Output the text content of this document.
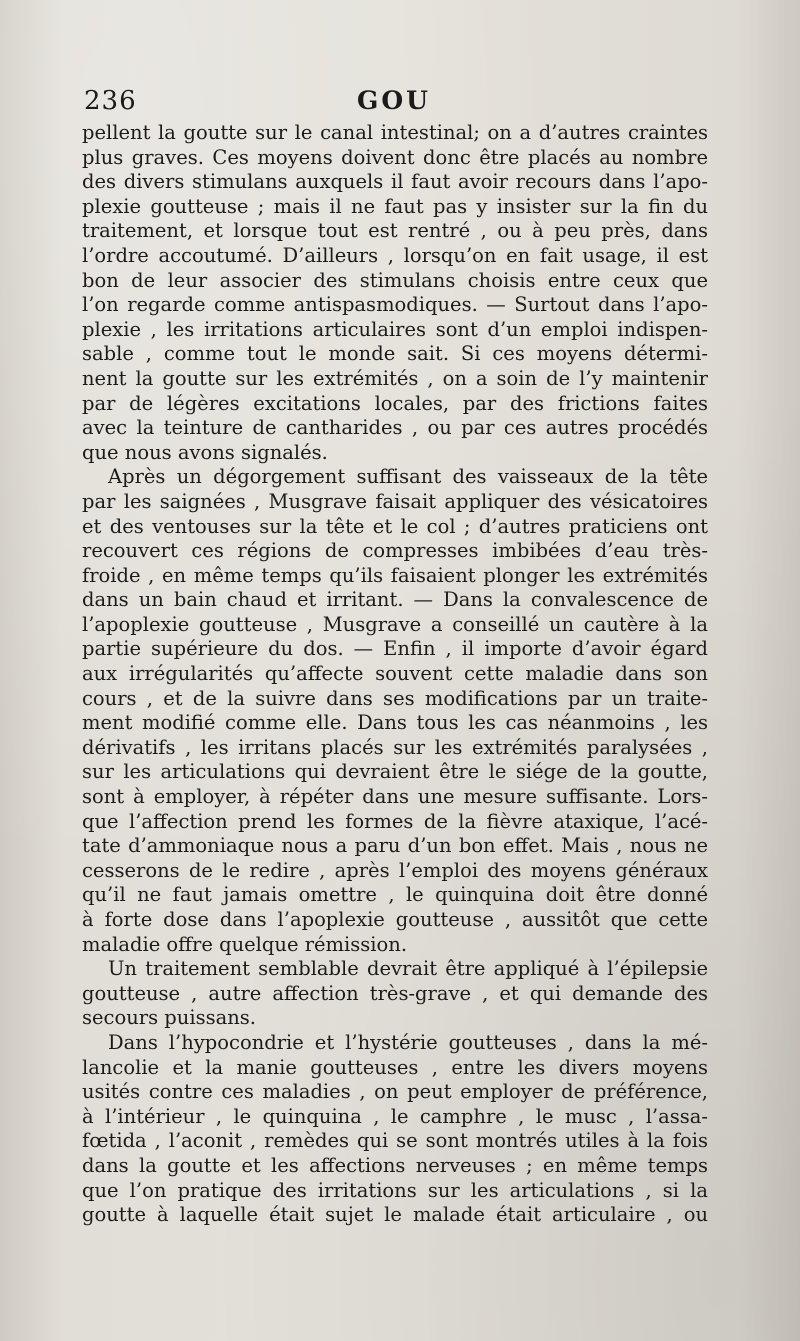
236	GOU
pellent la goutte sur le canal intestinal; on a d’autres craintes
plus graves. Ces moyens doivent donc être placés au nombre
des divers stimulans auxquels il faut avoir recours dans l’apo-
plexie goutteuse ; mais il ne faut pas y insister sur la fin du
traitement, et lorsque tout est rentré , ou à peu près, dans
l’ordre accoutumé. D’ailleurs , lorsqu’on en fait usage, il est
bon de leur associer des stimulans choisis entre ceux que
l’on regarde comme antispasmodiques. — Surtout dans l’apo-
plexie , les irritations articulaires sont d’un emploi indispen-
sable , comme tout le monde sait. Si ces moyens détermi-
nent la goutte sur les extrémités , on a soin de l’y maintenir
par de légères excitations locales, par des frictions faites
avec la teinture de cantharides , ou par ces autres procédés
que nous avons signalés.
Après un dégorgement suffisant des vaisseaux de la tête
par les saignées , Musgrave faisait appliquer des vésicatoires
et des ventouses sur la tête et le col ; d’autres praticiens ont
recouvert ces régions de compresses imbibées d’eau très-
froide , en même temps qu’ils faisaient plonger les extrémités
dans un bain chaud et irritant. — Dans la convalescence de
l’apoplexie goutteuse , Musgrave a conseillé un cautère à la
partie supérieure du dos. — Enfin , il importe d’avoir égard
aux irrégularités qu’affecte souvent cette maladie dans son
cours , et de la suivre dans ses modifications par un traite-
ment modifié comme elle. Dans tous les cas néanmoins , les
dérivatifs , les irritans placés sur les extrémités paralysées ,
sur les articulations qui devraient être le siége de la goutte,
sont à employer, à répéter dans une mesure suffisante. Lors-
que l’affection prend les formes de la fièvre ataxique, l’acé-
tate d’ammoniaque nous a paru d’un bon effet. Mais , nous ne
cesserons de le redire , après l’emploi des moyens généraux
qu’il ne faut jamais omettre , le quinquina doit être donné
à forte dose dans l’apoplexie goutteuse , aussitôt que cette
maladie offre quelque rémission.
Un traitement semblable devrait être appliqué à l’épilepsie
goutteuse , autre affection très-grave , et qui demande des
secours puissans.
Dans l’hypocondrie et l’hystérie goutteuses , dans la mé-
lancolie et la manie goutteuses , entre les divers moyens
usités contre ces maladies , on peut employer de préférence,
à l’intérieur , le quinquina , le camphre , le musc , l’assa-
fœtida , l’aconit , remèdes qui se sont montrés utiles à la fois
dans la goutte et les affections nerveuses ; en même temps
que l’on pratique des irritations sur les articulations , si la
goutte à laquelle était sujet le malade était articulaire , ou
